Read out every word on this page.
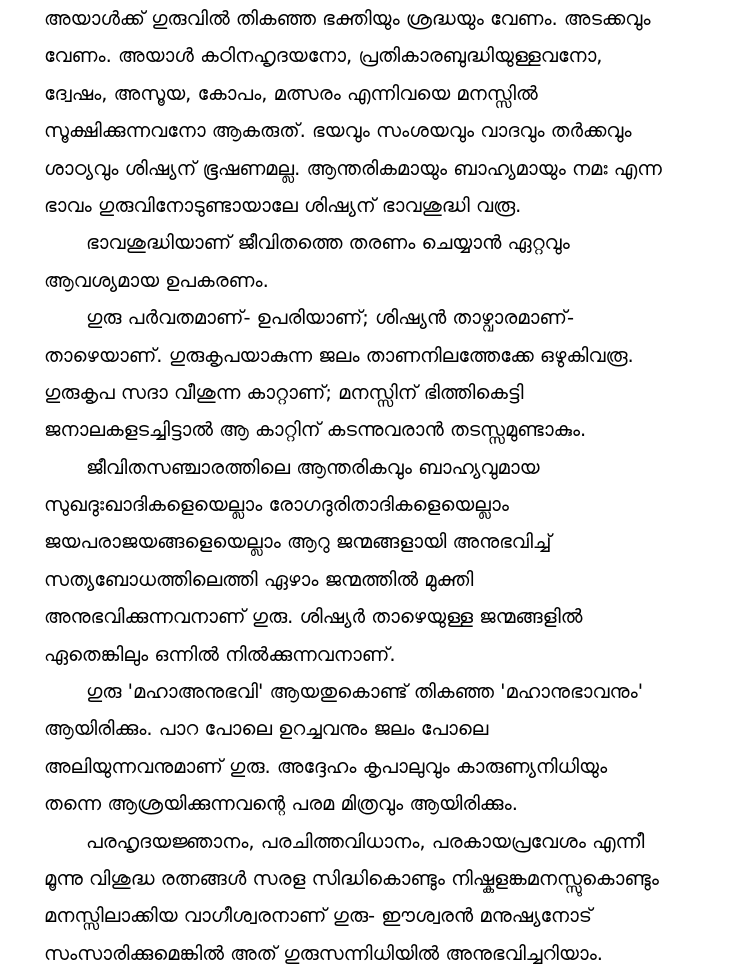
അയാൾക്ക് ഗുരുവിൽ തികഞ്ഞ ഭക്തിയും ശ്രദ്ധയും വേണം. അടക്കവും
വേണം. അയാൾ കഠിനഹൃദയനോ, പ്രതികാരബുദ്ധിയുള്ളവനോ,
ദ്വേഷം, അസൂയ, കോപം, മത്സരം എന്നിവയെ മനസ്സിൽ
സൂക്ഷിക്കുന്നവനോ ആകരുത്. ഭയവും സംശയവും വാദവും തർക്കവും
ശാഠ്യവും ശിഷ്യന് ഭൂഷണമല്ല. ആന്തരികമായും ബാഹ്യമായും നമഃ എന്ന
ഭാവം ഗുരുവിനോടുണ്ടായാലേ ശിഷ്യന് ഭാവശുദ്ധി വരൂ.
ഭാവശുദ്ധിയാണ് ജീവിതത്തെ തരണം ചെയ്യാൻ ഏറ്റവും
ആവശ്യമായ ഉപകരണം.
ഗുരു പർവതമാണ്- ഉപരിയാണ്; ശിഷ്യൻ താഴ്വാരമാണ്-
താഴെയാണ്. ഗുരുകൃപയാകുന്ന ജലം താണനിലത്തേക്കേ ഒഴുകിവരൂ.
ഗുരുകൃപ സദാ വീശുന്ന കാറ്റാണ്; മനസ്സിന് ഭിത്തികെട്ടി
ജനാലകളടച്ചിട്ടാൽ ആ കാറ്റിന് കടന്നുവരാൻ തടസ്സമുണ്ടാകും.
ജീവിതസഞ്ചാരത്തിലെ ആന്തരികവും ബാഹ്യവുമായ
സുഖദുഃഖാദികളെയെല്ലാം രോഗദുരിതാദികളെയെല്ലാം
ജയപരാജയങ്ങളെയെല്ലാം ആറു ജന്മങ്ങളായി അനുഭവിച്ച്
സത്യബോധത്തിലെത്തി ഏഴാം ജന്മത്തിൽ മുക്തി
അനുഭവിക്കുന്നവനാണ് ഗുരു. ശിഷ്യർ താഴെയുള്ള ജന്മങ്ങളിൽ
ഏതെങ്കിലും ഒന്നിൽ നിൽക്കുന്നവനാണ്.
ഗുരു 'മഹാഅനുഭവി' ആയതുകൊണ്ട് തികഞ്ഞ 'മഹാനുഭാവനും'
ആയിരിക്കും. പാറ പോലെ ഉറച്ചവനും ജലം പോലെ
അലിയുന്നവനുമാണ് ഗുരു. അദ്ദേഹം കൃപാലുവും കാരുണ്യനിധിയും
തന്നെ ആശ്രയിക്കുന്നവന്റെ പരമ മിത്രവും ആയിരിക്കും.
പരഹൃദയജ്ഞാനം, പരചിത്തവിധാനം, പരകായപ്രവേശം എന്നീ
മൂന്നു വിശുദ്ധ രത്നങ്ങൾ സരള സിദ്ധികൊണ്ടും നിഷ്കളങ്കമനസ്സുകൊണ്ടും
മനസ്സിലാക്കിയ വാഗീശ്വരനാണ് ഗുരു- ഈശ്വരൻ മനുഷ്യനോട്
സംസാരിക്കുമെങ്കിൽ അത് ഗുരുസന്നിധിയിൽ അനുഭവിച്ചറിയാം.
